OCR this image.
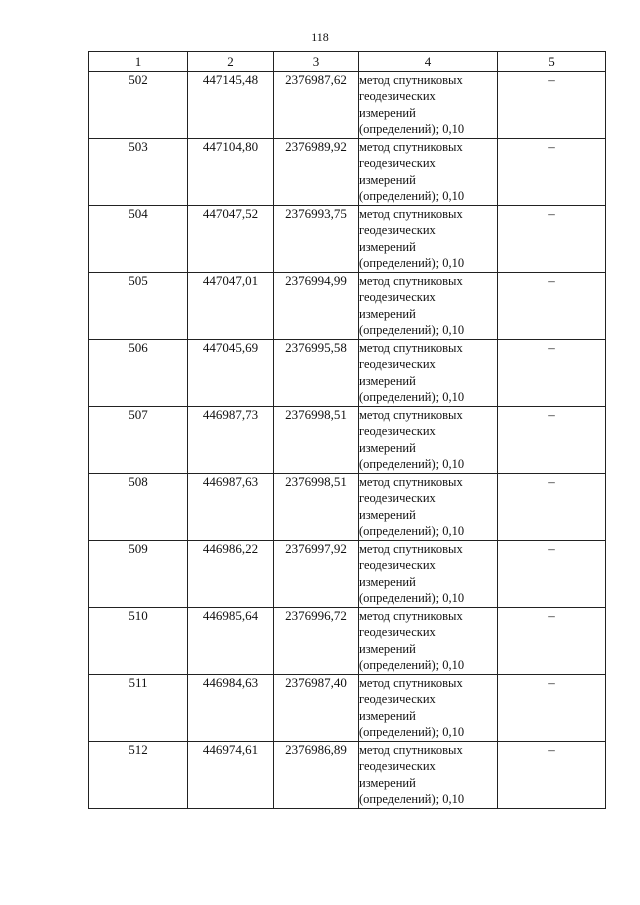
118
1	2	3	4	5
502	447145,48	2376987,62	метод спутниковых
геодезических
измерений
(определений); 0,10	–
503	447104,80	2376989,92	метод спутниковых
геодезических
измерений
(определений); 0,10	–
504	447047,52	2376993,75	метод спутниковых
геодезических
измерений
(определений); 0,10	–
505	447047,01	2376994,99	метод спутниковых
геодезических
измерений
(определений); 0,10	–
506	447045,69	2376995,58	метод спутниковых
геодезических
измерений
(определений); 0,10	–
507	446987,73	2376998,51	метод спутниковых
геодезических
измерений
(определений); 0,10	–
508	446987,63	2376998,51	метод спутниковых
геодезических
измерений
(определений); 0,10	–
509	446986,22	2376997,92	метод спутниковых
геодезических
измерений
(определений); 0,10	–
510	446985,64	2376996,72	метод спутниковых
геодезических
измерений
(определений); 0,10	–
511	446984,63	2376987,40	метод спутниковых
геодезических
измерений
(определений); 0,10	–
512	446974,61	2376986,89	метод спутниковых
геодезических
измерений
(определений); 0,10	–
